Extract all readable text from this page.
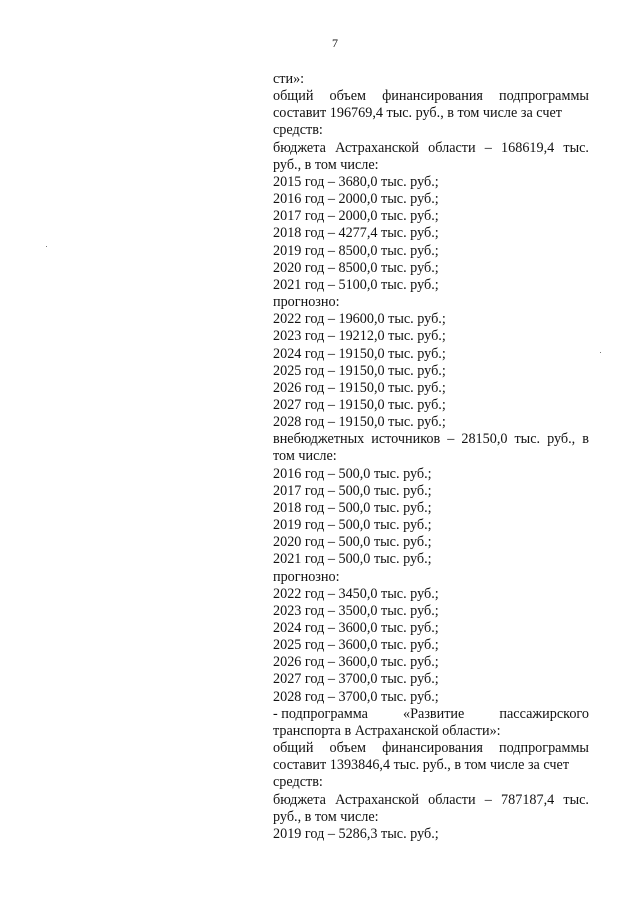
7
сти»:
общий объем финансирования подпрограммы
составит 196769,4 тыс. руб., в том числе за счет
средств:
бюджета Астраханской области – 168619,4 тыс.
руб., в том числе:
2015 год – 3680,0 тыс. руб.;
2016 год – 2000,0 тыс. руб.;
2017 год – 2000,0 тыс. руб.;
2018 год – 4277,4 тыс. руб.;
2019 год – 8500,0 тыс. руб.;
2020 год – 8500,0 тыс. руб.;
2021 год – 5100,0 тыс. руб.;
прогнозно:
2022 год – 19600,0 тыс. руб.;
2023 год – 19212,0 тыс. руб.;
2024 год – 19150,0 тыс. руб.;
2025 год – 19150,0 тыс. руб.;
2026 год – 19150,0 тыс. руб.;
2027 год – 19150,0 тыс. руб.;
2028 год – 19150,0 тыс. руб.;
внебюджетных источников – 28150,0 тыс. руб., в
том числе:
2016 год – 500,0 тыс. руб.;
2017 год – 500,0 тыс. руб.;
2018 год – 500,0 тыс. руб.;
2019 год – 500,0 тыс. руб.;
2020 год – 500,0 тыс. руб.;
2021 год – 500,0 тыс. руб.;
прогнозно:
2022 год – 3450,0 тыс. руб.;
2023 год – 3500,0 тыс. руб.;
2024 год – 3600,0 тыс. руб.;
2025 год – 3600,0 тыс. руб.;
2026 год – 3600,0 тыс. руб.;
2027 год – 3700,0 тыс. руб.;
2028 год – 3700,0 тыс. руб.;
- подпрограмма «Развитие пассажирского
транспорта в Астраханской области»:
общий объем финансирования подпрограммы
составит 1393846,4 тыс. руб., в том числе за счет
средств:
бюджета Астраханской области – 787187,4 тыс.
руб., в том числе:
2019 год – 5286,3 тыс. руб.;
